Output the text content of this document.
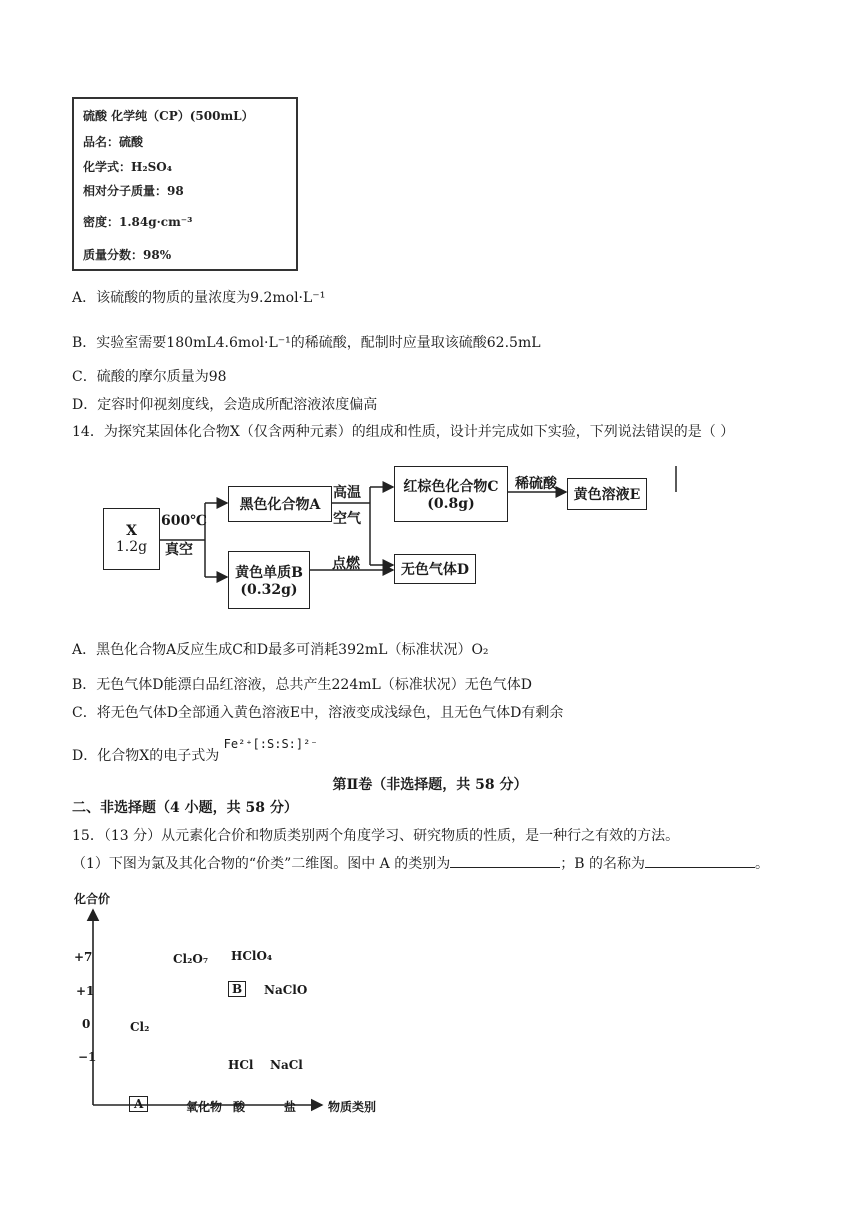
硫酸 化学纯（CP）(500mL）
品名：硫酸
化学式：H₂SO₄
相对分子质量：98
密度：1.84g·cm⁻³
质量分数：98%
A．该硫酸的物质的量浓度为9.2mol·L⁻¹
B．实验室需要180mL4.6mol·L⁻¹的稀硫酸，配制时应量取该硫酸62.5mL
C．硫酸的摩尔质量为98
D．定容时仰视刻度线，会造成所配溶液浓度偏高
14．为探究某固体化合物X（仅含两种元素）的组成和性质，设计并完成如下实验，下列说法错误的是（ ）
X
1.2g
600℃
真空
黑色化合物A
黄色单质B
(0.32g)
高温
空气
点燃
红棕色化合物C
(0.8g)
稀硫酸
黄色溶液E
无色气体D
A．黑色化合物A反应生成C和D最多可消耗392mL（标准状况）O₂
B．无色气体D能漂白品红溶液，总共产生224mL（标准状况）无色气体D
C．将无色气体D全部通入黄色溶液E中，溶液变成浅绿色，且无色气体D有剩余
D．化合物X的电子式为 Fe²⁺[:S:S:]²⁻
第Ⅱ卷（非选择题，共 58 分）
二、非选择题（4 小题，共 58 分）
15．（13 分）从元素化合价和物质类别两个角度学习、研究物质的性质，是一种行之有效的方法。
（1）下图为氯及其化合物的“价类”二维图。图中 A 的类别为	；B 的名称为	。
化合价
物质类别
+7
+1
0
−1
A	氧化物 酸	盐
Cl₂O₇ HClO₄
B	NaClO
Cl₂
HCl NaCl
